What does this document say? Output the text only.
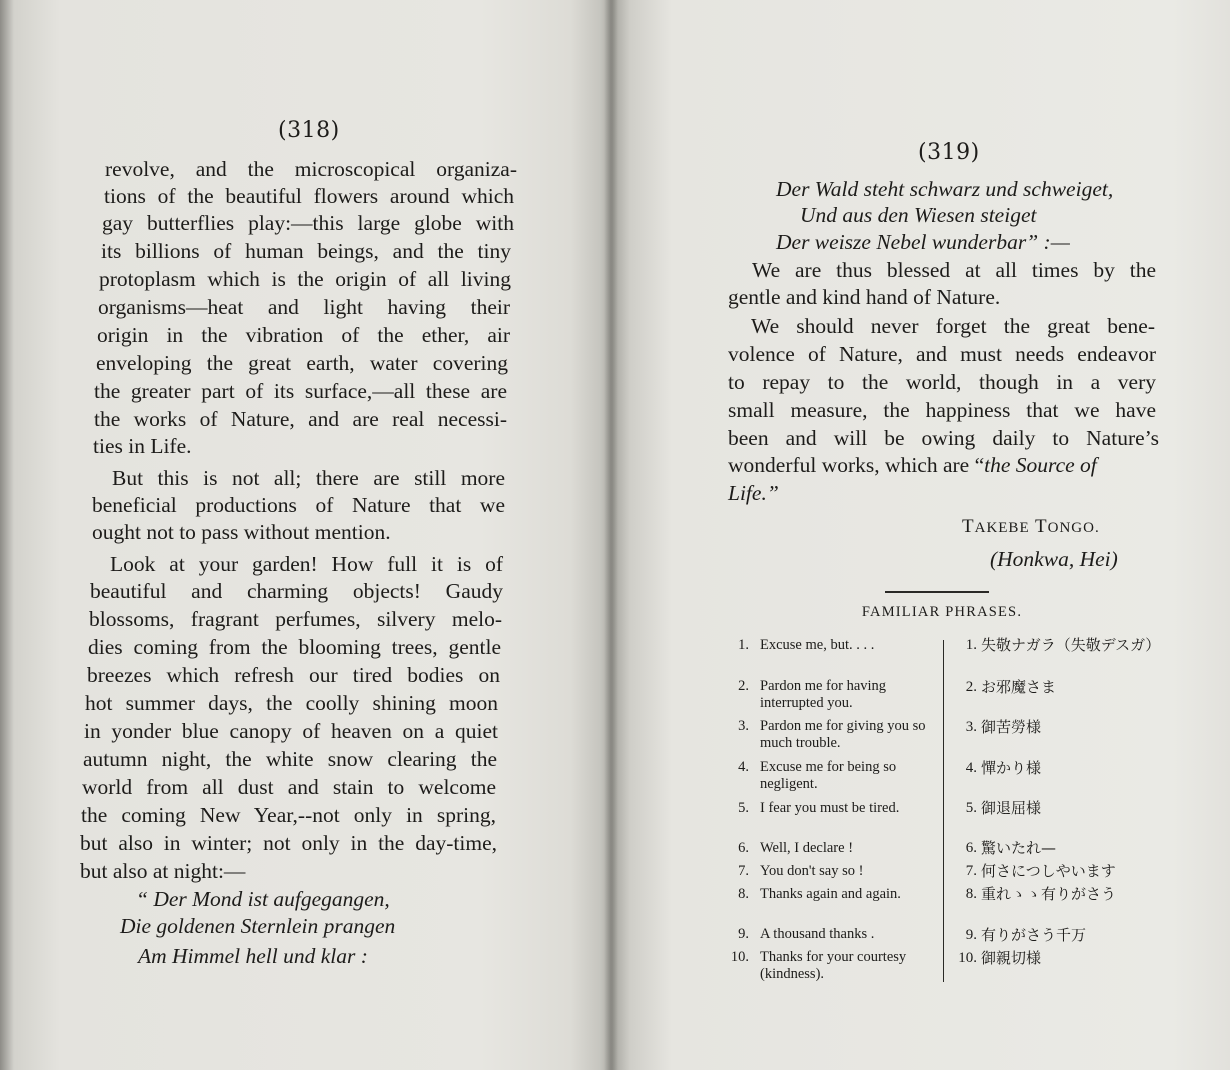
(318)
revolve, and the microscopical organiza-
tions of the beautiful flowers around which
gay butterflies play:—this large globe with
its billions of human beings, and the tiny
protoplasm which is the origin of all living
organisms—heat and light having their
origin in the vibration of the ether, air
enveloping the great earth, water covering
the greater part of its surface,—all these are
the works of Nature, and are real necessi-
ties in Life.
But this is not all; there are still more
beneficial productions of Nature that we
ought not to pass without mention.
Look at your garden! How full it is of
beautiful and charming objects! Gaudy
blossoms, fragrant perfumes, silvery melo-
dies coming from the blooming trees, gentle
breezes which refresh our tired bodies on
hot summer days, the coolly shining moon
in yonder blue canopy of heaven on a quiet
autumn night, the white snow clearing the
world from all dust and stain to welcome
the coming New Year,--not only in spring,
but also in winter; not only in the day-time,
but also at night:—
“ Der Mond ist aufgegangen,
Die goldenen Sternlein prangen
Am Himmel hell und klar :
(319)
Der Wald steht schwarz und schweiget,
Und aus den Wiesen steiget
Der weisze Nebel wunderbar” :—
We are thus blessed at all times by the
gentle and kind hand of Nature.
We should never forget the great bene-
volence of Nature, and must needs endeavor
to repay to the world, though in a very
small measure, the happiness that we have
been and will be owing daily to Nature’s
wonderful works, which are “the Source of
Life.”
TAKEBE TONGO.
(Honkwa, Hei)
FAMILIAR PHRASES.
1. Excuse me, but. . . .
2. Pardon me for having interrupted you.
3. Pardon me for giving you so much trouble.
4. Excuse me for being so negligent.
5. I fear you must be tired.
6. Well, I declare !
7. You don't say so !
8. Thanks again and again.
9. A thousand thanks .
10. Thanks for your courtesy (kindness).
1. 失敬ナガラ（失敬デスガ）
2. お邪魔さま
3. 御苦勞様
4. 憚かり様
5. 御退屈様
6. 驚いたれ—
7. 何さにつしやいます
8. 重れゝゝ有りがさう
9. 有りがさう千万
10. 御親切様
